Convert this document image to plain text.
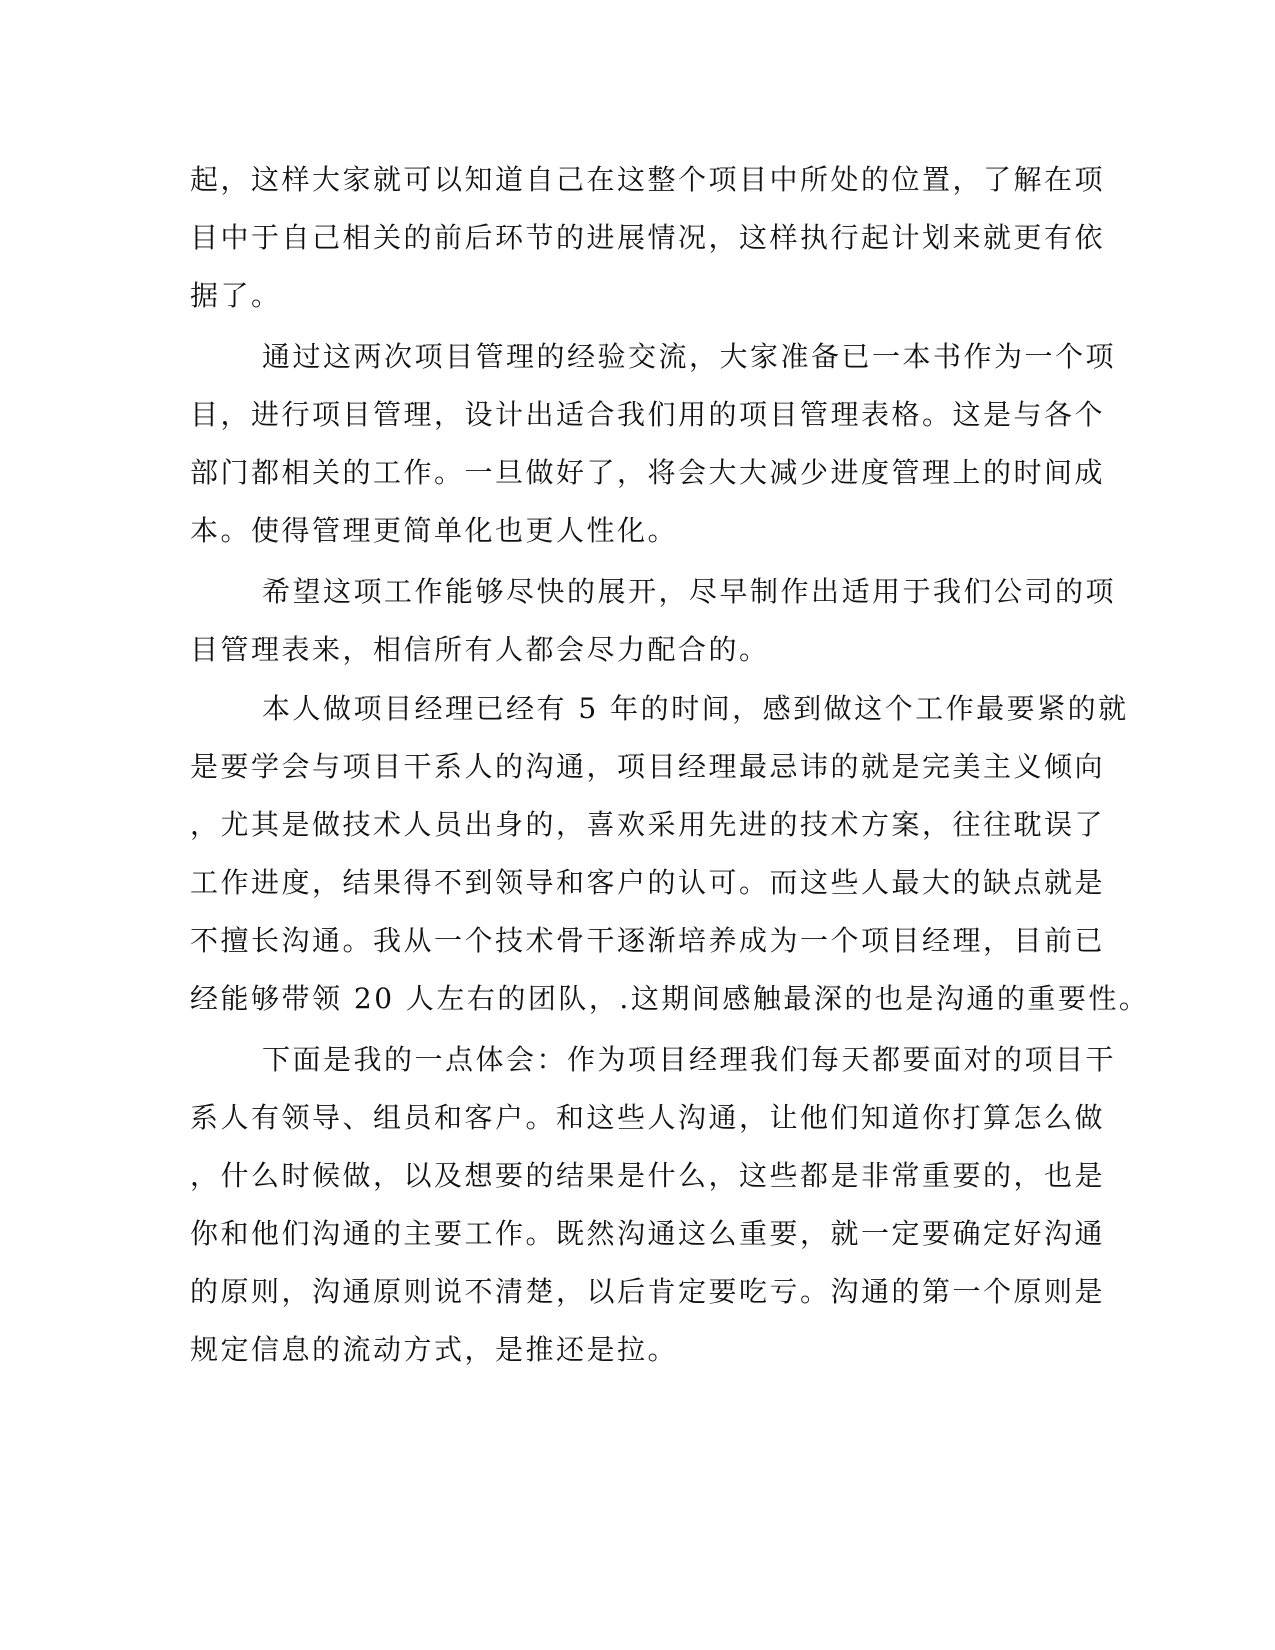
起，这样大家就可以知道自己在这整个项目中所处的位置，了解在项
目中于自己相关的前后环节的进展情况，这样执行起计划来就更有依
据了。
通过这两次项目管理的经验交流，大家准备已一本书作为一个项
目，进行项目管理，设计出适合我们用的项目管理表格。这是与各个
部门都相关的工作。一旦做好了，将会大大减少进度管理上的时间成
本。使得管理更简单化也更人性化。
希望这项工作能够尽快的展开，尽早制作出适用于我们公司的项
目管理表来，相信所有人都会尽力配合的。
本人做项目经理已经有 5 年的时间，感到做这个工作最要紧的就
是要学会与项目干系人的沟通，项目经理最忌讳的就是完美主义倾向
，尤其是做技术人员出身的，喜欢采用先进的技术方案，往往耽误了
工作进度，结果得不到领导和客户的认可。而这些人最大的缺点就是
不擅长沟通。我从一个技术骨干逐渐培养成为一个项目经理，目前已
经能够带领 20 人左右的团队，.这期间感触最深的也是沟通的重要性。
下面是我的一点体会：作为项目经理我们每天都要面对的项目干
系人有领导、组员和客户。和这些人沟通，让他们知道你打算怎么做
，什么时候做，以及想要的结果是什么，这些都是非常重要的，也是
你和他们沟通的主要工作。既然沟通这么重要，就一定要确定好沟通
的原则，沟通原则说不清楚，以后肯定要吃亏。沟通的第一个原则是
规定信息的流动方式，是推还是拉。
